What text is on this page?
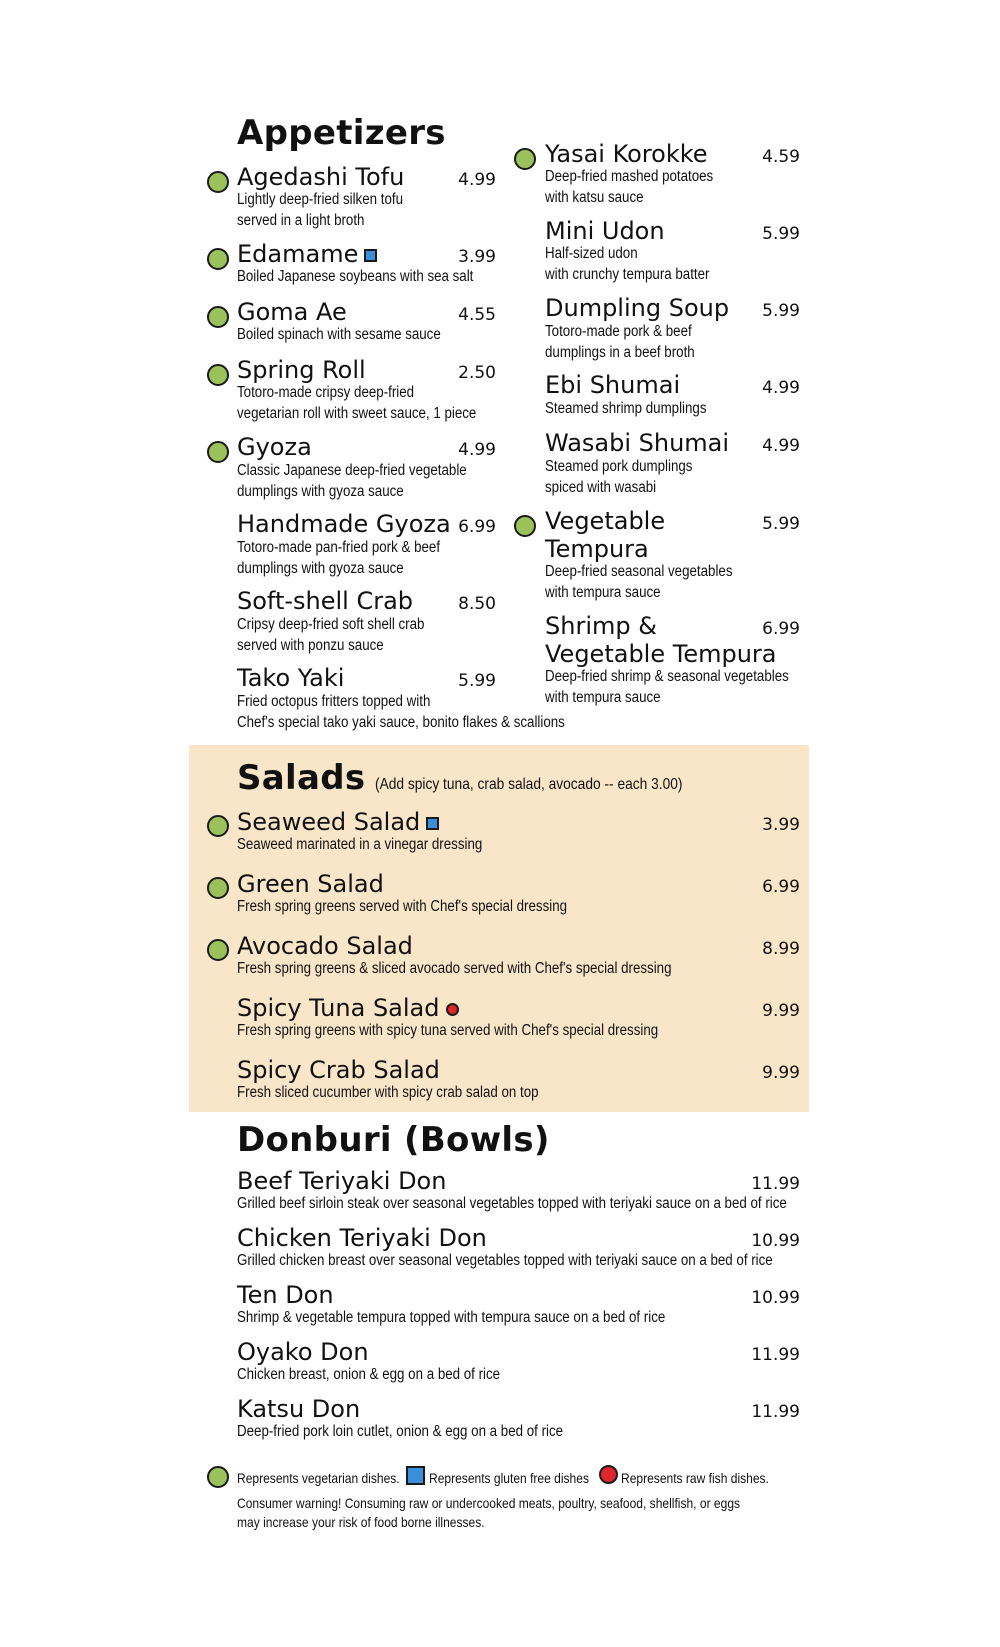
Appetizers
Agedashi Tofu	4.99
Lightly deep-fried silken tofu
served in a light broth
Edamame	3.99
Boiled Japanese soybeans with sea salt
Goma Ae	4.55
Boiled spinach with sesame sauce
Spring Roll	2.50
Totoro-made cripsy deep-fried
vegetarian roll with sweet sauce, 1 piece
Gyoza	4.99
Classic Japanese deep-fried vegetable
dumplings with gyoza sauce
Handmade Gyoza 6.99
Totoro-made pan-fried pork & beef
dumplings with gyoza sauce
Soft-shell Crab	8.50
Cripsy deep-fried soft shell crab
served with ponzu sauce
Tako Yaki	5.99
Fried octopus fritters topped with
Chef's special tako yaki sauce, bonito flakes & scallions
Yasai Korokke	4.59
Deep-fried mashed potatoes
with katsu sauce
Mini Udon	5.99
Half-sized udon
with crunchy tempura batter
Dumpling Soup	5.99
Totoro-made pork & beef
dumplings in a beef broth
Ebi Shumai	4.99
Steamed shrimp dumplings
Wasabi Shumai	4.99
Steamed pork dumplings
spiced with wasabi
Vegetable
Tempura
5.99
Deep-fried seasonal vegetables
with tempura sauce
Shrimp &
Vegetable Tempura
6.99
Deep-fried shrimp & seasonal vegetables
with tempura sauce
Salads (Add spicy tuna, crab salad, avocado -- each 3.00)
Seaweed Salad	3.99
Seaweed marinated in a vinegar dressing
Green Salad	6.99
Fresh spring greens served with Chef's special dressing
Avocado Salad	8.99
Fresh spring greens & sliced avocado served with Chef's special dressing
Spicy Tuna Salad	9.99
Fresh spring greens with spicy tuna served with Chef's special dressing
Spicy Crab Salad	9.99
Fresh sliced cucumber with spicy crab salad on top
Donburi (Bowls)
Beef Teriyaki Don	11.99
Grilled beef sirloin steak over seasonal vegetables topped with teriyaki sauce on a bed of rice
Chicken Teriyaki Don	10.99
Grilled chicken breast over seasonal vegetables topped with teriyaki sauce on a bed of rice
Ten Don	10.99
Shrimp & vegetable tempura topped with tempura sauce on a bed of rice
Oyako Don	11.99
Chicken breast, onion & egg on a bed of rice
Katsu Don	11.99
Deep-fried pork loin cutlet, onion & egg on a bed of rice
Represents vegetarian dishes. Represents gluten free dishes Represents raw fish dishes.
Consumer warning! Consuming raw or undercooked meats, poultry, seafood, shellfish, or eggs
may increase your risk of food borne illnesses.
